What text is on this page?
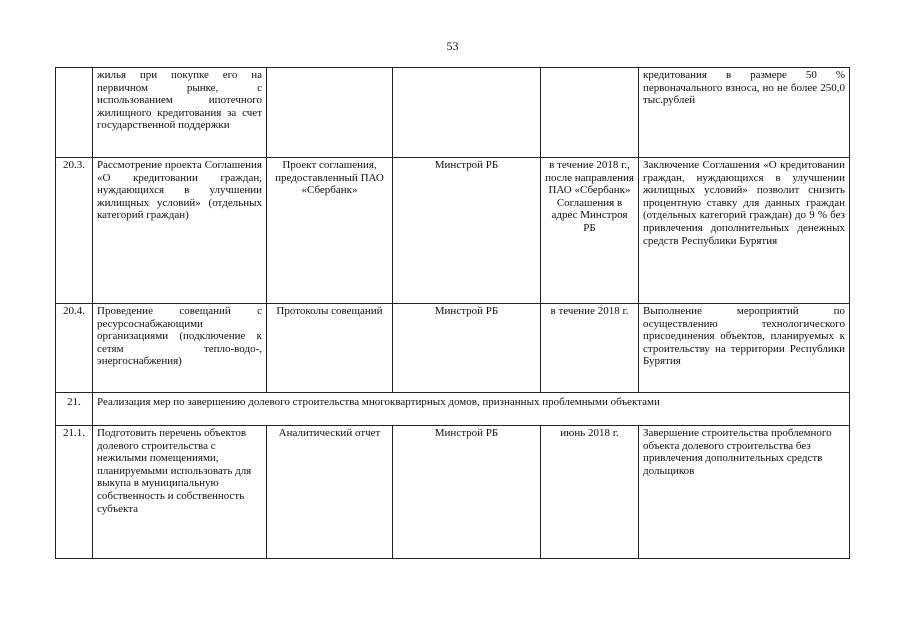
53
	жилья при покупке его на первичном рынке, с использованием ипотечного жилищного кредитования за счет государственной поддержки				кредитования в размере 50 % первоначального взноса, но не более 250,0 тыс.рублей
20.3.	Рассмотрение проекта Соглашения «О кредитовании граждан, нуждающихся в улучшении жилищных условий» (отдельных категорий граждан)	Проект соглашения, предоставленный ПАО «Сбербанк»	Минстрой РБ	в течение 2018 г., после направления ПАО «Сбербанк» Соглашения в адрес Минстроя РБ	Заключение Соглашения «О кредитовании граждан, нуждающихся в улучшении жилищных условий» позволит снизить процентную ставку для данных граждан (отдельных категорий граждан) до 9 % без привлечения дополнительных денежных средств Республики Бурятия
20.4.	Проведение совещаний с ресурсоснабжающими организациями (подключение к сетям тепло-водо-, энергоснабжения)	Протоколы совещаний	Минстрой РБ	в течение 2018 г.	Выполнение мероприятий по осуществлению технологического присоединения объектов, планируемых к строительству на территории Республики Бурятия
21.	Реализация мер по завершению долевого строительства многоквартирных домов, признанных проблемными объектами				
21.1.	Подготовить перечень объектов долевого строительства с нежилыми помещениями, планируемыми использовать для выкупа в муниципальную собственность и собственность субъекта	Аналитический отчет	Минстрой РБ	июнь 2018 г.	Завершение строительства проблемного объекта долевого строительства без привлечения дополнительных средств дольщиков
